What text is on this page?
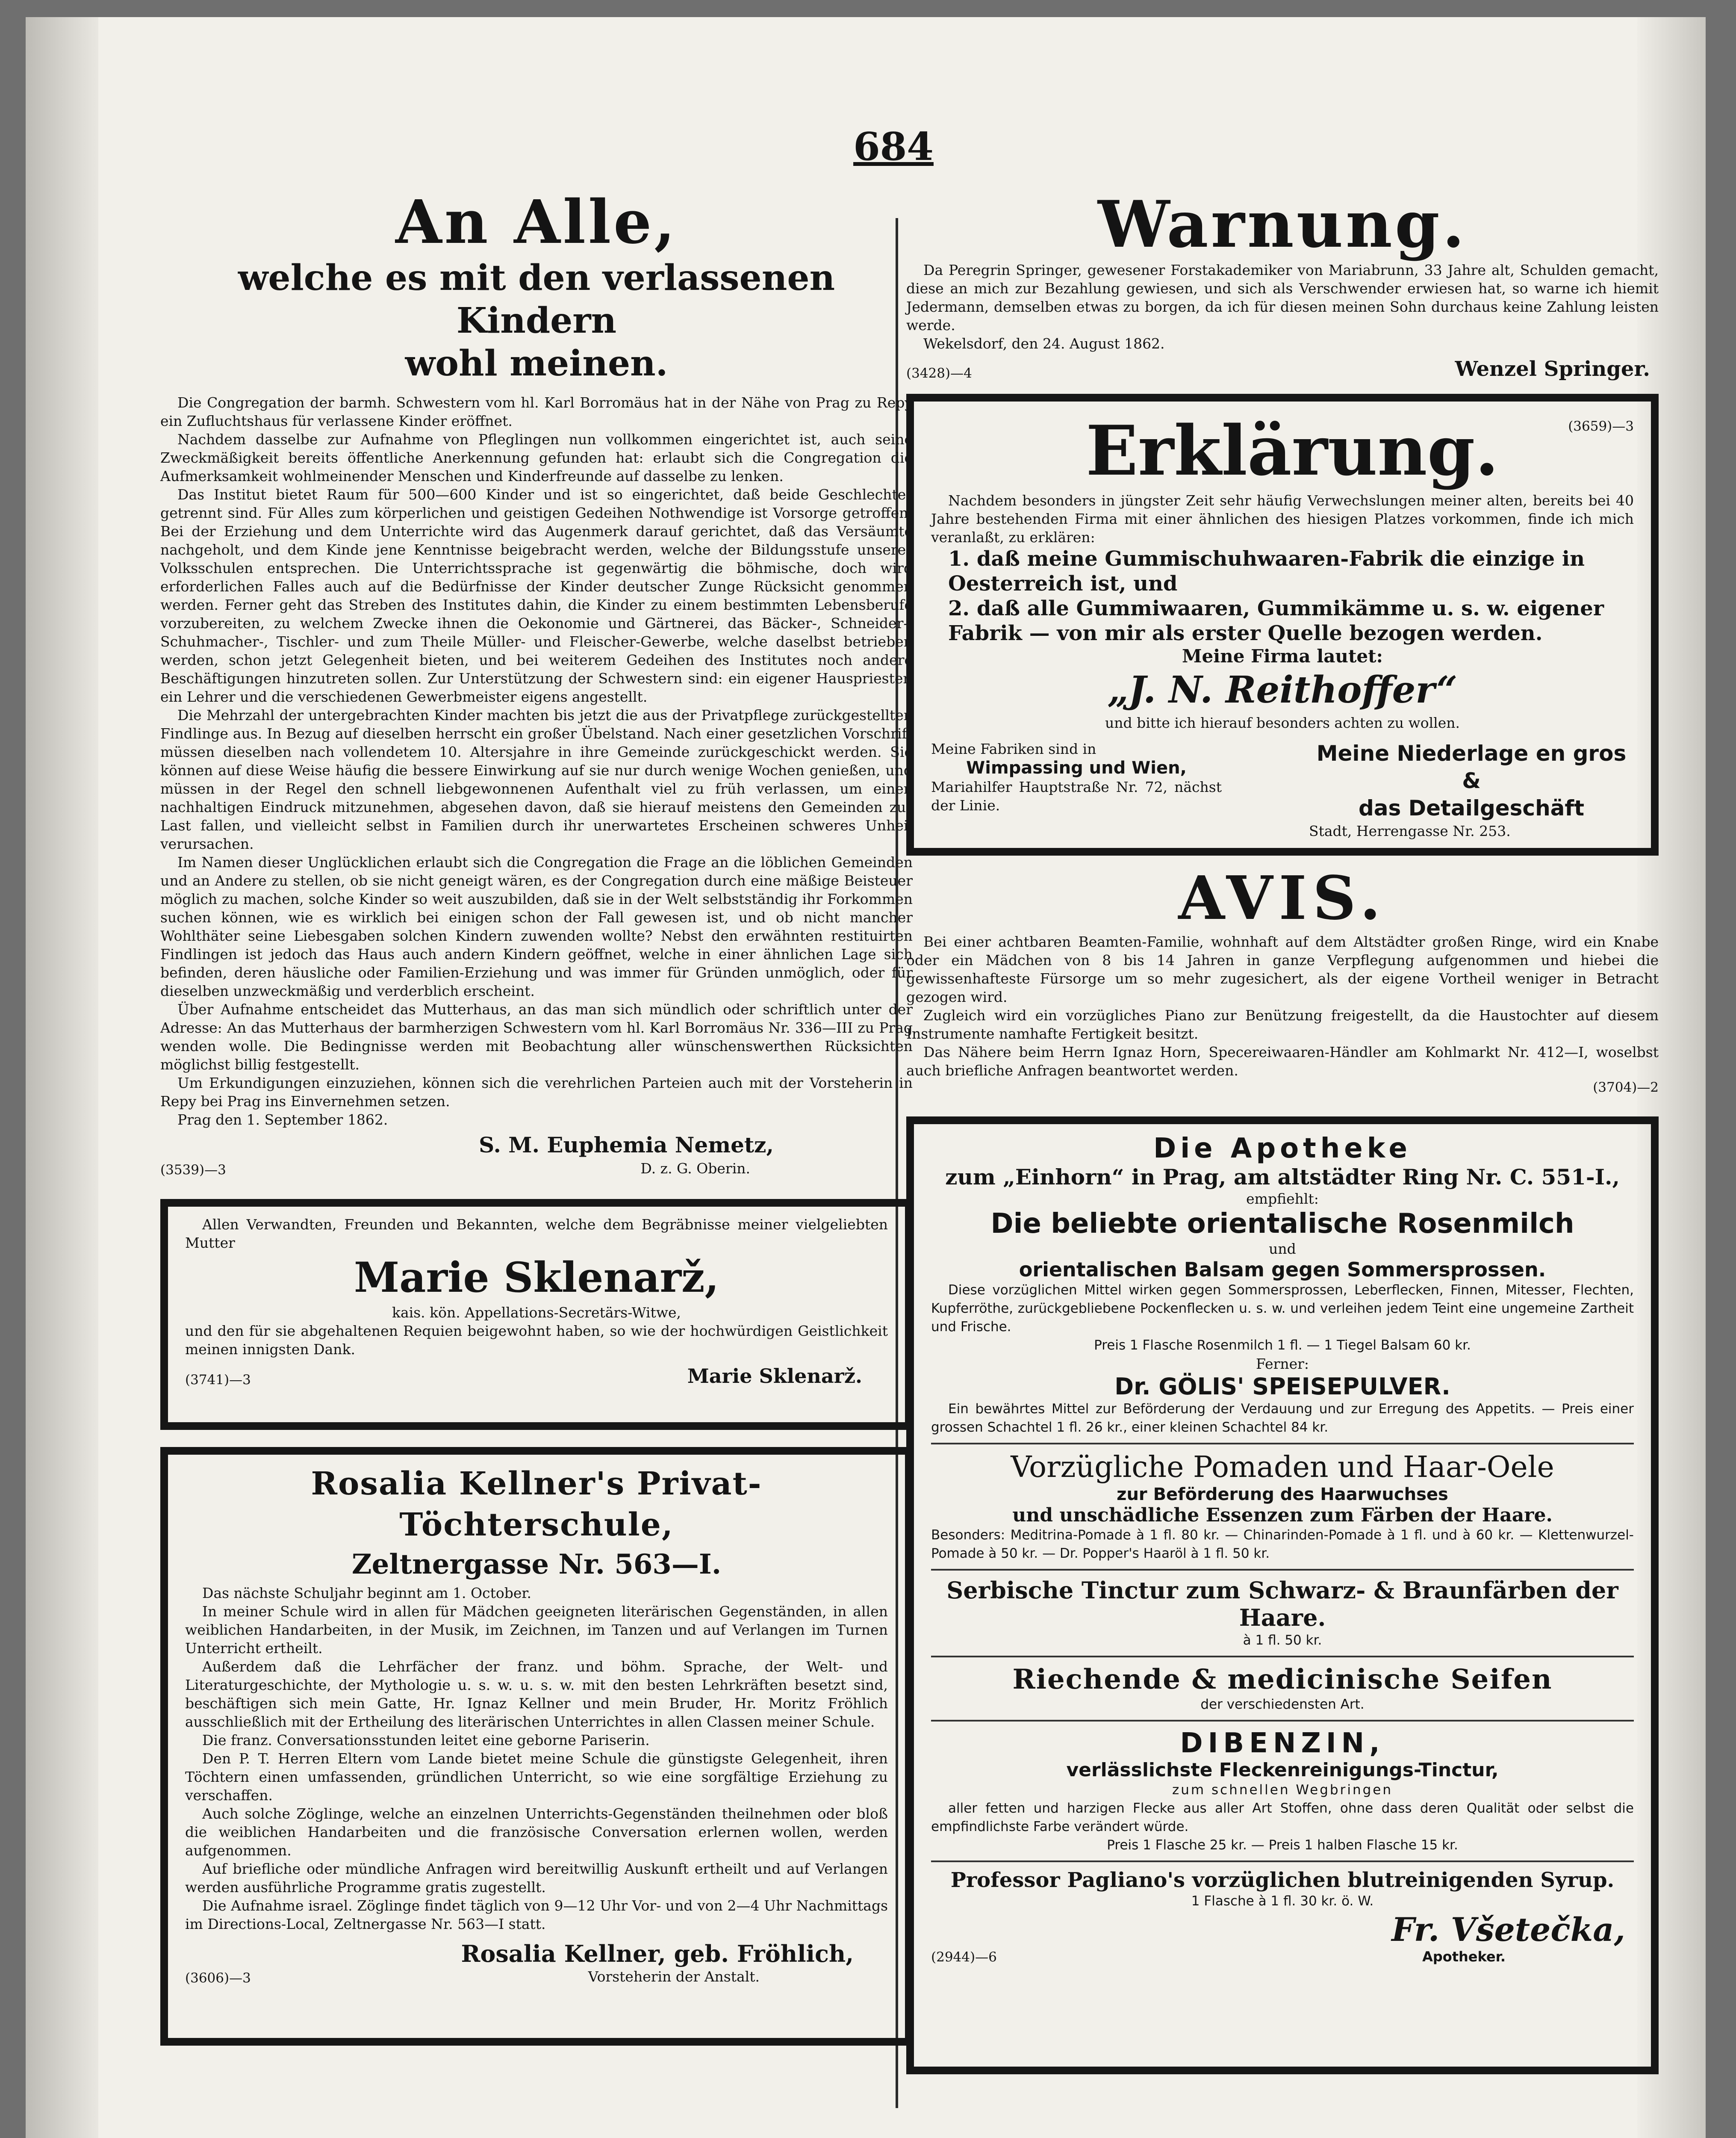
684
An Alle,
welche es mit den verlassenen Kindern
wohl meinen.

Die Congregation der barmh. Schwestern vom hl. Karl Borromäus hat in der Nähe von Prag zu Repy ein Zufluchtshaus für verlassene Kinder eröffnet.

Nachdem dasselbe zur Aufnahme von Pfleglingen nun vollkommen eingerichtet ist, auch seine Zweckmäßigkeit bereits öffentliche Anerkennung gefunden hat: erlaubt sich die Congregation die Aufmerksamkeit wohlmeinender Menschen und Kinderfreunde auf dasselbe zu lenken.

Das Institut bietet Raum für 500—600 Kinder und ist so eingerichtet, daß beide Geschlechter getrennt sind. Für Alles zum körperlichen und geistigen Gedeihen Nothwendige ist Vorsorge getroffen. Bei der Erziehung und dem Unterrichte wird das Augenmerk darauf gerichtet, daß das Versäumte nachgeholt, und dem Kinde jene Kenntnisse beigebracht werden, welche der Bildungsstufe unserer Volksschulen entsprechen. Die Unterrichtssprache ist gegenwärtig die böhmische, doch wird erforderlichen Falles auch auf die Bedürfnisse der Kinder deutscher Zunge Rücksicht genommen werden. Ferner geht das Streben des Institutes dahin, die Kinder zu einem bestimmten Lebensberufe vorzubereiten, zu welchem Zwecke ihnen die Oekonomie und Gärtnerei, das Bäcker-, Schneider-, Schuhmacher-, Tischler- und zum Theile Müller- und Fleischer-Gewerbe, welche daselbst betrieben werden, schon jetzt Gelegenheit bieten, und bei weiterem Gedeihen des Institutes noch andere Beschäftigungen hinzutreten sollen. Zur Unterstützung der Schwestern sind: ein eigener Hauspriester, ein Lehrer und die verschiedenen Gewerbmeister eigens angestellt.

Die Mehrzahl der untergebrachten Kinder machten bis jetzt die aus der Privatpflege zurückgestellten Findlinge aus. In Bezug auf dieselben herrscht ein großer Übelstand. Nach einer gesetzlichen Vorschrift müssen dieselben nach vollendetem 10. Altersjahre in ihre Gemeinde zurückgeschickt werden. Sie können auf diese Weise häufig die bessere Einwirkung auf sie nur durch wenige Wochen genießen, und müssen in der Regel den schnell liebgewonnenen Aufenthalt viel zu früh verlassen, um einen nachhaltigen Eindruck mitzunehmen, abgesehen davon, daß sie hierauf meistens den Gemeinden zur Last fallen, und vielleicht selbst in Familien durch ihr unerwartetes Erscheinen schweres Unheil verursachen.

Im Namen dieser Unglücklichen erlaubt sich die Congregation die Frage an die löblichen Gemeinden und an Andere zu stellen, ob sie nicht geneigt wären, es der Congregation durch eine mäßige Beisteuer möglich zu machen, solche Kinder so weit auszubilden, daß sie in der Welt selbstständig ihr Forkommen suchen können, wie es wirklich bei einigen schon der Fall gewesen ist, und ob nicht mancher Wohlthäter seine Liebesgaben solchen Kindern zuwenden wollte? Nebst den erwähnten restituirten Findlingen ist jedoch das Haus auch andern Kindern geöffnet, welche in einer ähnlichen Lage sich befinden, deren häusliche oder Familien-Erziehung und was immer für Gründen unmöglich, oder für dieselben unzweckmäßig und verderblich erscheint.

Über Aufnahme entscheidet das Mutterhaus, an das man sich mündlich oder schriftlich unter der Adresse: An das Mutterhaus der barmherzigen Schwestern vom hl. Karl Borromäus Nr. 336—III zu Prag wenden wolle. Die Bedingnisse werden mit Beobachtung aller wünschenswerthen Rücksichten möglichst billig festgestellt.

Um Erkundigungen einzuziehen, können sich die verehrlichen Parteien auch mit der Vorsteherin in Repy bei Prag ins Einvernehmen setzen.

Prag den 1. September 1862.

S. M. Euphemia Nemetz,
(3539)—3	D. z. G. Oberin.

Allen Verwandten, Freunden und Bekannten, welche dem Begräbnisse meiner vielgeliebten Mutter

Marie Sklenarž,
kais. kön. Appellations-Secretärs-Witwe,

und den für sie abgehaltenen Requien beigewohnt haben, so wie der hochwürdigen Geistlichkeit meinen innigsten Dank.

(3741)—3	Marie Sklenarž.
Rosalia Kellner's Privat-Töchterschule,
Zeltnergasse Nr. 563—I.

Das nächste Schuljahr beginnt am 1. October.

In meiner Schule wird in allen für Mädchen geeigneten literärischen Gegenständen, in allen weiblichen Handarbeiten, in der Musik, im Zeichnen, im Tanzen und auf Verlangen im Turnen Unterricht ertheilt.

Außerdem daß die Lehrfächer der franz. und böhm. Sprache, der Welt- und Literaturgeschichte, der Mythologie u. s. w. u. s. w. mit den besten Lehrkräften besetzt sind, beschäftigen sich mein Gatte, Hr. Ignaz Kellner und mein Bruder, Hr. Moritz Fröhlich ausschließlich mit der Ertheilung des literärischen Unterrichtes in allen Classen meiner Schule.

Die franz. Conversationsstunden leitet eine geborne Pariserin.

Den P. T. Herren Eltern vom Lande bietet meine Schule die günstigste Gelegenheit, ihren Töchtern einen umfassenden, gründlichen Unterricht, so wie eine sorgfältige Erziehung zu verschaffen.

Auch solche Zöglinge, welche an einzelnen Unterrichts-Gegenständen theilnehmen oder bloß die weiblichen Handarbeiten und die französische Conversation erlernen wollen, werden aufgenommen.

Auf briefliche oder mündliche Anfragen wird bereitwillig Auskunft ertheilt und auf Verlangen werden ausführliche Programme gratis zugestellt.

Die Aufnahme israel. Zöglinge findet täglich von 9—12 Uhr Vor- und von 2—4 Uhr Nachmittags im Directions-Local, Zeltnergasse Nr. 563—I statt.

Rosalia Kellner, geb. Fröhlich,
(3606)—3	Vorsteherin der Anstalt.
Warnung.

Da Peregrin Springer, gewesener Forstakademiker von Mariabrunn, 33 Jahre alt, Schulden gemacht, diese an mich zur Bezahlung gewiesen, und sich als Verschwender erwiesen hat, so warne ich hiemit Jedermann, demselben etwas zu borgen, da ich für diesen meinen Sohn durchaus keine Zahlung leisten werde.

Wekelsdorf, den 24. August 1862.

(3428)—4	Wenzel Springer.
Erklärung.	(3659)—3

Nachdem besonders in jüngster Zeit sehr häufig Verwechslungen meiner alten, bereits bei 40 Jahre bestehenden Firma mit einer ähnlichen des hiesigen Platzes vorkommen, finde ich mich veranlaßt, zu erklären:

1. daß meine Gummischuhwaaren-Fabrik die einzige in Oesterreich ist, und

2. daß alle Gummiwaaren, Gummikämme u. s. w. eigener Fabrik — von mir als erster Quelle bezogen werden.

Meine Firma lautet:
„J. N. Reithoffer“
und bitte ich hierauf besonders achten zu wollen.
Meine Fabriken sind in
Wimpassing und Wien,
Mariahilfer Hauptstraße Nr. 72, nächst der Linie.
Meine Niederlage en gros &
das Detailgeschäft
Stadt, Herrengasse Nr. 253.
AVIS.

Bei einer achtbaren Beamten-Familie, wohnhaft auf dem Altstädter großen Ringe, wird ein Knabe oder ein Mädchen von 8 bis 14 Jahren in ganze Verpflegung aufgenommen und hiebei die gewissenhafteste Fürsorge um so mehr zugesichert, als der eigene Vortheil weniger in Betracht gezogen wird.

Zugleich wird ein vorzügliches Piano zur Benützung freigestellt, da die Haustochter auf diesem Instrumente namhafte Fertigkeit besitzt.

Das Nähere beim Herrn Ignaz Horn, Specereiwaaren-Händler am Kohlmarkt Nr. 412—I, woselbst auch briefliche Anfragen beantwortet werden.

(3704)—2
Die Apotheke
zum „Einhorn“ in Prag, am altstädter Ring Nr. C. 551-I.,
empfiehlt:
Die beliebte orientalische Rosenmilch
und
orientalischen Balsam gegen Sommersprossen.

Diese vorzüglichen Mittel wirken gegen Sommersprossen, Leberflecken, Finnen, Mitesser, Flechten, Kupferröthe, zurückgebliebene Pockenflecken u. s. w. und verleihen jedem Teint eine ungemeine Zartheit und Frische.

Preis 1 Flasche Rosenmilch 1 fl. — 1 Tiegel Balsam 60 kr.
Ferner:
Dr. GÖLIS' SPEISEPULVER.

Ein bewährtes Mittel zur Beförderung der Verdauung und zur Erregung des Appetits. — Preis einer grossen Schachtel 1 fl. 26 kr., einer kleinen Schachtel 84 kr.

Vorzügliche Pomaden und Haar-Oele
zur Beförderung des Haarwuchses
und unschädliche Essenzen zum Färben der Haare.

Besonders: Meditrina-Pomade à 1 fl. 80 kr. — Chinarinden-Pomade à 1 fl. und à 60 kr. — Klettenwurzel-Pomade à 50 kr. — Dr. Popper's Haaröl à 1 fl. 50 kr.

Serbische Tinctur zum Schwarz- & Braunfärben der Haare.
à 1 fl. 50 kr.
Riechende & medicinische Seifen
der verschiedensten Art.
DIBENZIN,
verlässlichste Fleckenreinigungs-Tinctur,
zum schnellen Wegbringen

aller fetten und harzigen Flecke aus aller Art Stoffen, ohne dass deren Qualität oder selbst die empfindlichste Farbe verändert würde.

Preis 1 Flasche 25 kr. — Preis 1 halben Flasche 15 kr.
Professor Pagliano's vorzüglichen blutreinigenden Syrup.
1 Flasche à 1 fl. 30 kr. ö. W.
Fr. Všetečka,
(2944)—6	Apotheker.
